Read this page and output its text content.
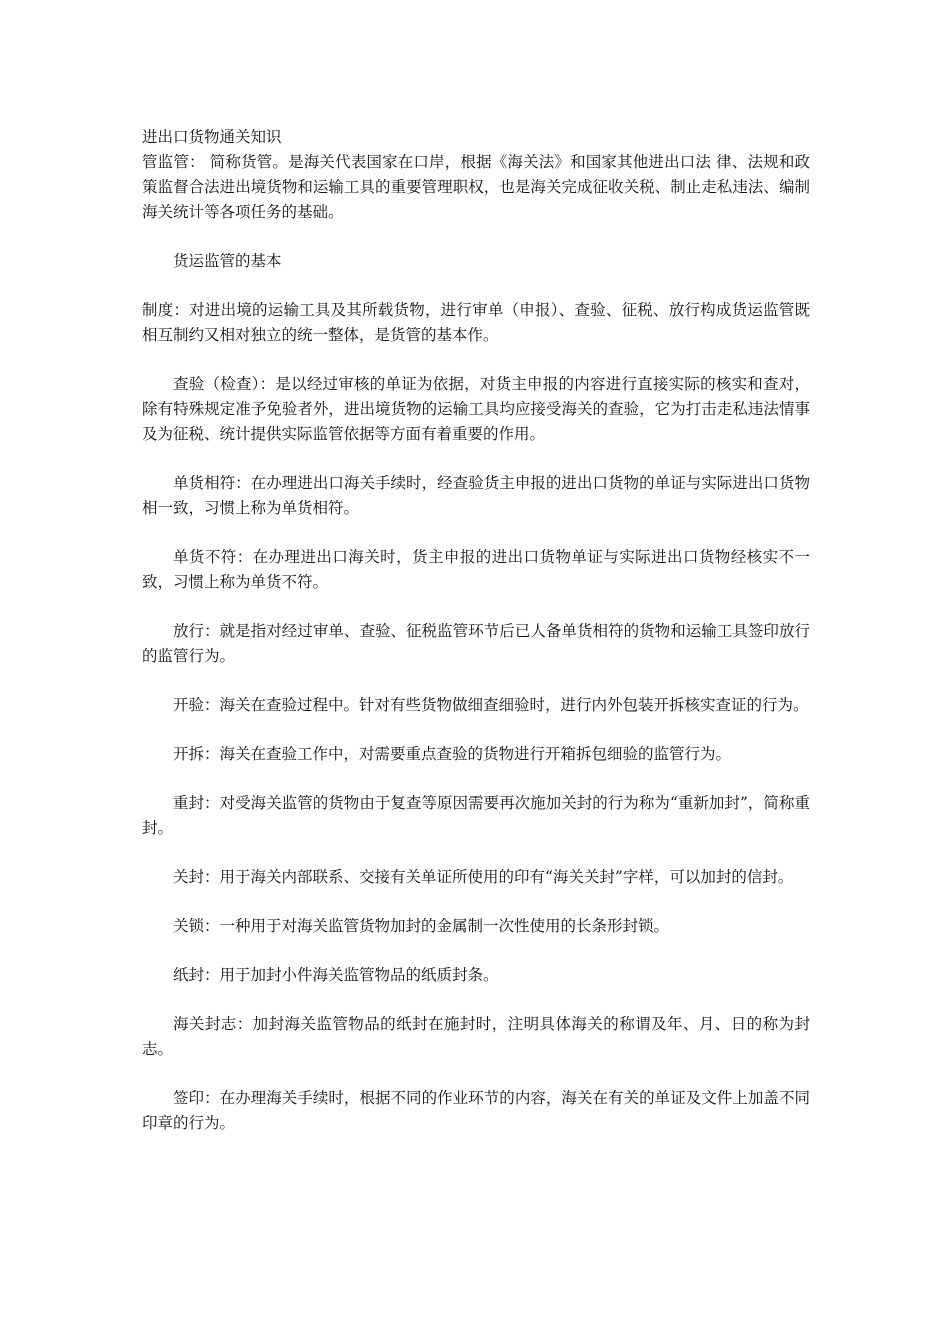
进出口货物通关知识

管监管： 简称货管。是海关代表国家在口岸，根据《海关法》和国家其他进出口法 律、法规和政策监督合法进出境货物和运输工具的重要管理职权，也是海关完成征收关税、制止走私违法、编制海关统计等各项任务的基础。

货运监管的基本

制度：对进出境的运输工具及其所载货物，进行审单（申报）、查验、征税、放行构成货运监管既相互制约又相对独立的统一整体，是货管的基本作。

查验（检查）：是以经过审核的单证为依据，对货主申报的内容进行直接实际的核实和查对，除有特殊规定准予免验者外，进出境货物的运输工具均应接受海关的查验，它为打击走私违法情事及为征税、统计提供实际监管依据等方面有着重要的作用。

单货相符：在办理进出口海关手续时，经查验货主申报的进出口货物的单证与实际进出口货物相一致，习惯上称为单货相符。

单货不符：在办理进出口海关时，货主申报的进出口货物单证与实际进出口货物经核实不一致，习惯上称为单货不符。

放行：就是指对经过审单、查验、征税监管环节后已人备单货相符的货物和运输工具签印放行的监管行为。

开验：海关在查验过程中。针对有些货物做细查细验时，进行内外包装开拆核实查证的行为。

开拆：海关在查验工作中，对需要重点查验的货物进行开箱拆包细验的监管行为。

重封：对受海关监管的货物由于复查等原因需要再次施加关封的行为称为“重新加封”，简称重封。

关封：用于海关内部联系、交接有关单证所使用的印有“海关关封”字样，可以加封的信封。

关锁：一种用于对海关监管货物加封的金属制一次性使用的长条形封锁。

纸封：用于加封小件海关监管物品的纸质封条。

海关封志：加封海关监管物品的纸封在施封时，注明具体海关的称谓及年、月、日的称为封志。

签印：在办理海关手续时，根据不同的作业环节的内容，海关在有关的单证及文件上加盖不同印章的行为。
